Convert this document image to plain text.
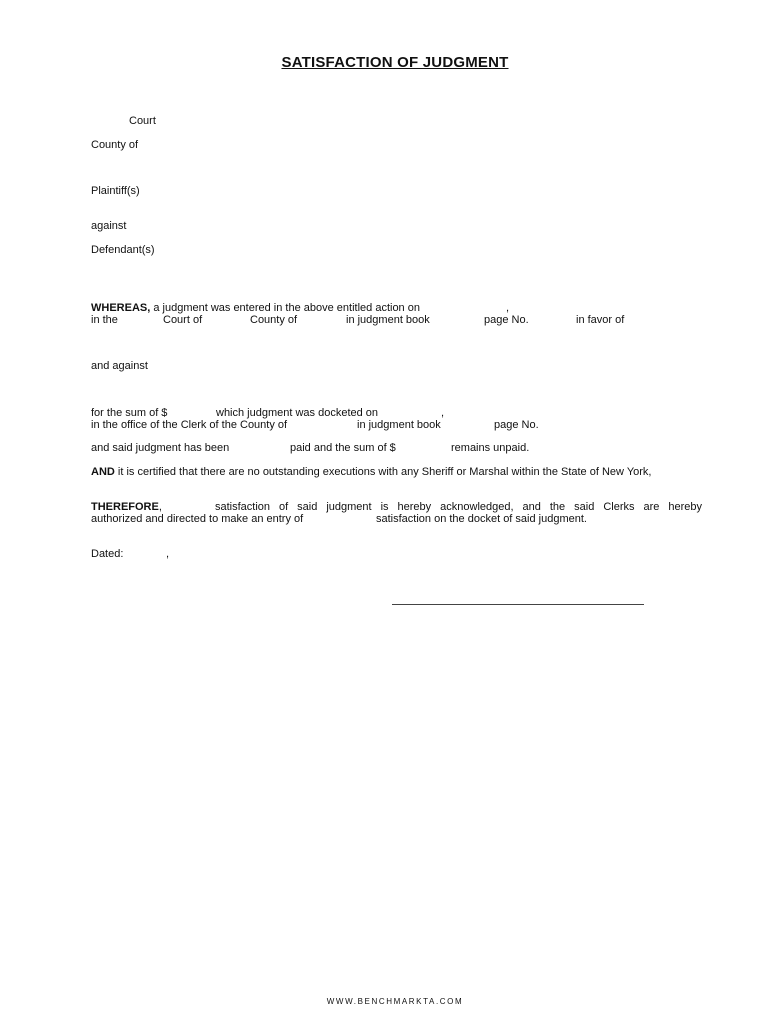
SATISFACTION OF JUDGMENT
Court
County of
Plaintiff(s)
against
Defendant(s)
WHEREAS, a judgment was entered in the above entitled action on	,
in the	Court of	County of	in judgment book	page No.	in favor of
and against
for the sum of $	which judgment was docketed on	,
in the office of the Clerk of the County of	in judgment book	page No.
and said judgment has been	paid and the sum of $	remains unpaid.
AND it is certified that there are no outstanding executions with any Sheriff or Marshal within the State of New York,
THEREFORE,	satisfaction of said judgment is hereby acknowledged, and the said Clerks are hereby
authorized and directed to make an entry of	satisfaction on the docket of said judgment.
Dated:	,
WWW.BENCHMARKTA.COM
